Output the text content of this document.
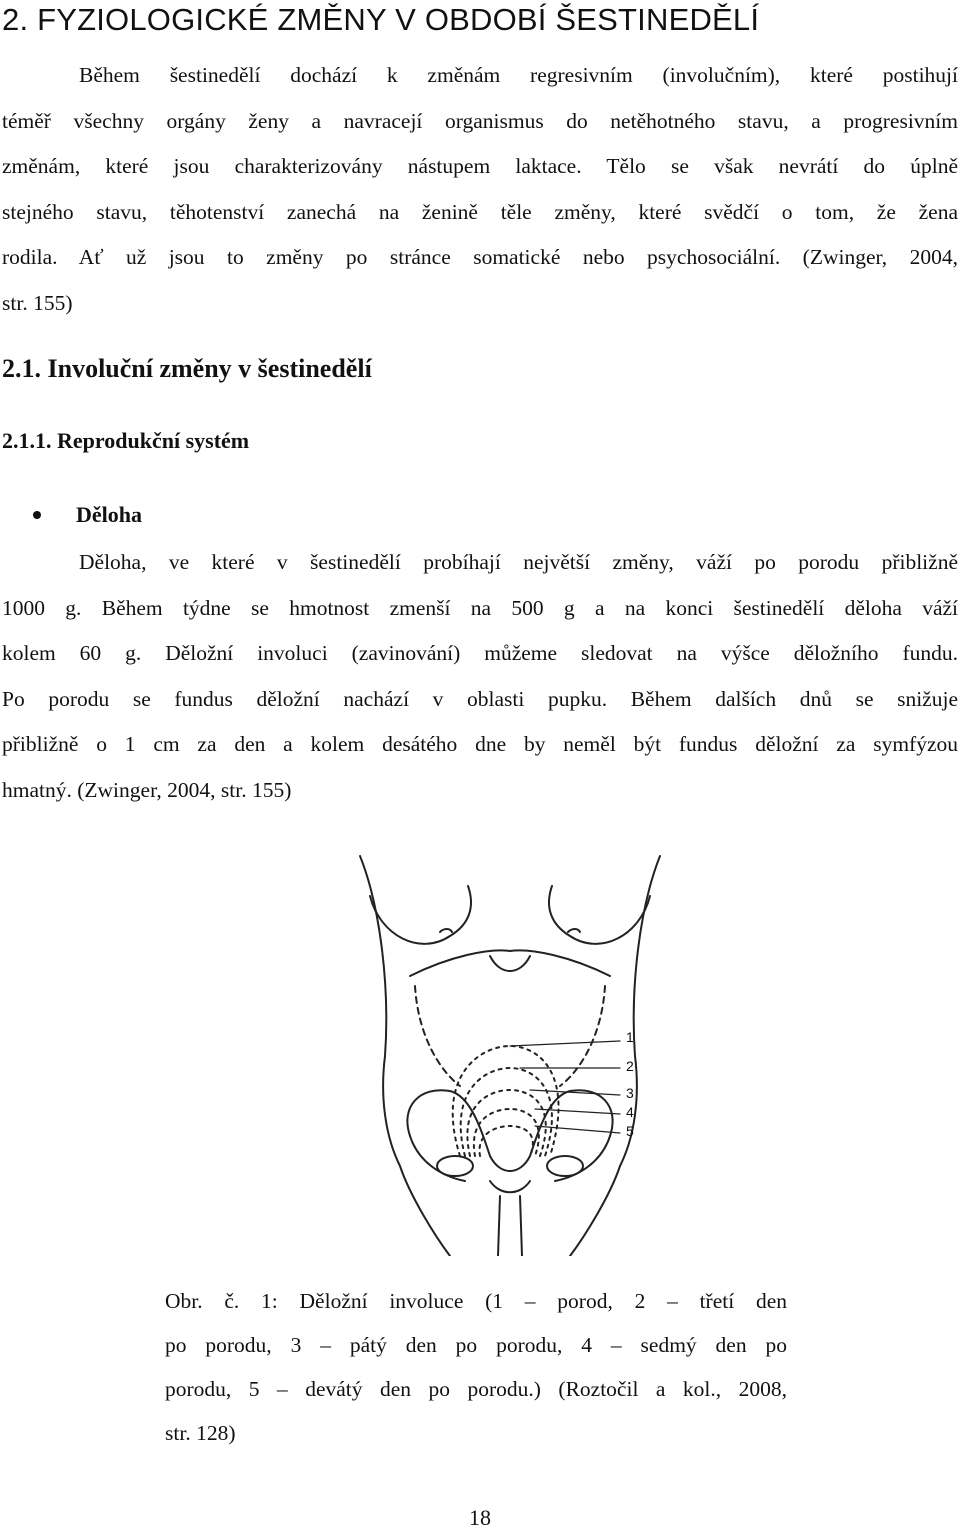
2. FYZIOLOGICKÉ ZMĚNY V OBDOBÍ ŠESTINEDĚLÍ

Během šestinedělí dochází k změnám regresivním (involučním), které postihují
téměř všechny orgány ženy a navracejí organismus do netěhotného stavu, a progresivním
změnám, které jsou charakterizovány nástupem laktace. Tělo se však nevrátí do úplně
stejného stavu, těhotenství zanechá na ženině těle změny, které svědčí o tom, že žena
rodila. Ať už jsou to změny po stránce somatické nebo psychosociální. (Zwinger, 2004,
str. 155)

2.1. Involuční změny v šestinedělí
2.1.1. Reprodukční systém
Děloha

Děloha, ve které v šestinedělí probíhají největší změny, váží po porodu přibližně
1000 g. Během týdne se hmotnost zmenší na 500 g a na konci šestinedělí děloha váží
kolem 60 g. Děložní involuci (zavinování) můžeme sledovat na výšce děložního fundu.
Po porodu se fundus děložní nachází v oblasti pupku. Během dalších dnů se snižuje
přibližně o 1 cm za den a kolem desátého dne by neměl být fundus děložní za symfýzou
hmatný. (Zwinger, 2004, str. 155)

1
2
3
4
5
Obr. č. 1: Děložní involuce (1 – porod, 2 – třetí den
po porodu, 3 – pátý den po porodu, 4 – sedmý den po
porodu, 5 – devátý den po porodu.) (Roztočil a kol., 2008,
str. 128)
18
